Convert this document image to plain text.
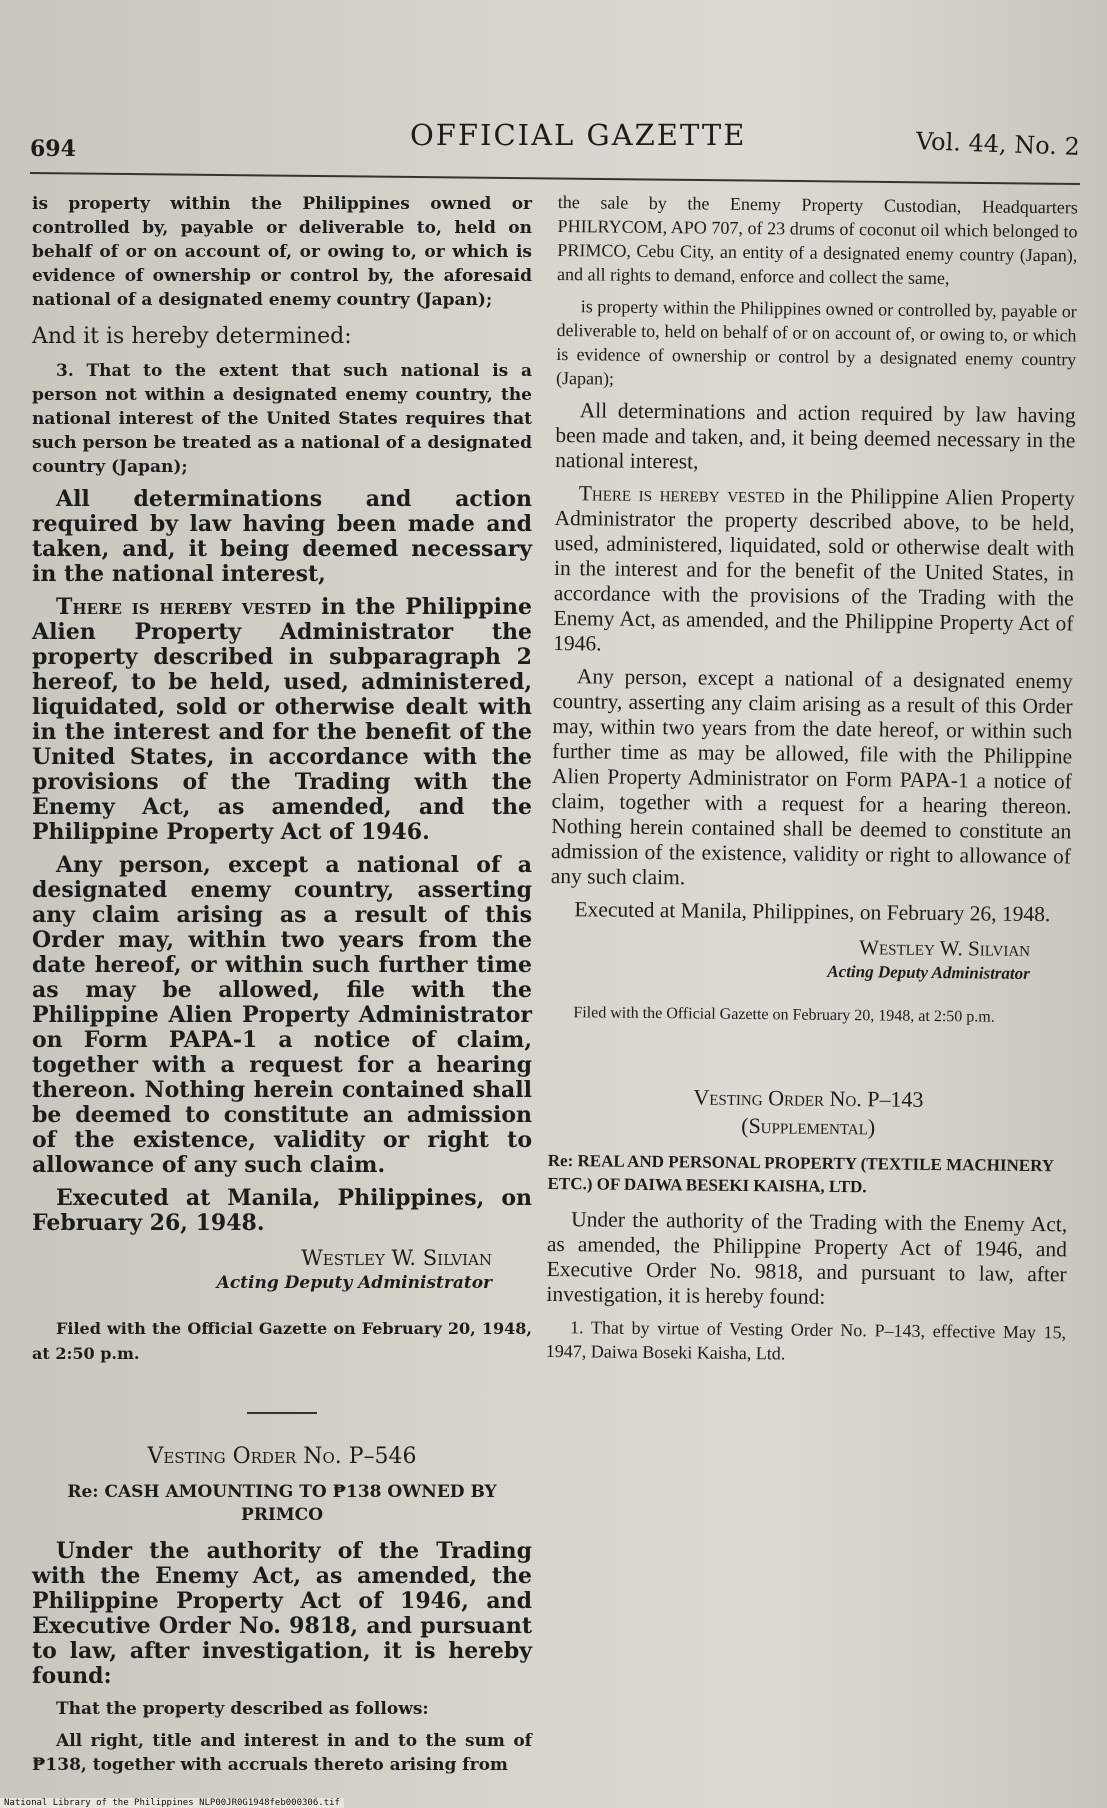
694	OFFICIAL GAZETTE	Vol. 44, No. 2

is property within the Philippines owned or controlled by, payable or deliverable to, held on behalf of or on account of, or owing to, or which is evidence of ownership or control by, the aforesaid national of a designated enemy country (Japan);

And it is hereby determined:

3. That to the extent that such national is a person not within a designated enemy country, the national interest of the United States requires that such person be treated as a national of a designated country (Japan);

All determinations and action required by law having been made and taken, and, it being deemed necessary in the national interest,

There is hereby vested in the Philippine Alien Property Administrator the property described in subparagraph 2 hereof, to be held, used, administered, liquidated, sold or otherwise dealt with in the interest and for the benefit of the United States, in accordance with the provisions of the Trading with the Enemy Act, as amended, and the Philippine Property Act of 1946.

Any person, except a national of a designated enemy country, asserting any claim arising as a result of this Order may, within two years from the date hereof, or within such further time as may be allowed, file with the Philippine Alien Property Administrator on Form PAPA-1 a notice of claim, together with a request for a hearing thereon. Nothing herein contained shall be deemed to constitute an admission of the existence, validity or right to allowance of any such claim.

Executed at Manila, Philippines, on February 26, 1948.

Westley W. Silvian
Acting Deputy Administrator

Filed with the Official Gazette on February 20, 1948, at 2:50 p.m.

Vesting Order No. P–546
Re: CASH AMOUNTING TO ₱138 OWNED BY PRIMCO

Under the authority of the Trading with the Enemy Act, as amended, the Philippine Property Act of 1946, and Executive Order No. 9818, and pursuant to law, after investigation, it is hereby found:

That the property described as follows:

All right, title and interest in and to the sum of ₱138, together with accruals thereto arising from

the sale by the Enemy Property Custodian, Headquarters PHILRYCOM, APO 707, of 23 drums of coconut oil which belonged to PRIMCO, Cebu City, an entity of a designated enemy country (Japan), and all rights to demand, enforce and collect the same,

is property within the Philippines owned or controlled by, payable or deliverable to, held on behalf of or on account of, or owing to, or which is evidence of ownership or control by a designated enemy country (Japan);

All determinations and action required by law having been made and taken, and, it being deemed necessary in the national interest,

There is hereby vested in the Philippine Alien Property Administrator the property described above, to be held, used, administered, liquidated, sold or otherwise dealt with in the interest and for the benefit of the United States, in accordance with the provisions of the Trading with the Enemy Act, as amended, and the Philippine Property Act of 1946.

Any person, except a national of a designated enemy country, asserting any claim arising as a result of this Order may, within two years from the date hereof, or within such further time as may be allowed, file with the Philippine Alien Property Administrator on Form PAPA-1 a notice of claim, together with a request for a hearing thereon. Nothing herein contained shall be deemed to constitute an admission of the existence, validity or right to allowance of any such claim.

Executed at Manila, Philippines, on February 26, 1948.

Westley W. Silvian
Acting Deputy Administrator

Filed with the Official Gazette on February 20, 1948, at 2:50 p.m.

Vesting Order No. P–143
(Supplemental)
Re: REAL AND PERSONAL PROPERTY (TEXTILE MACHINERY ETC.) OF DAIWA BESEKI KAISHA, LTD.

Under the authority of the Trading with the Enemy Act, as amended, the Philippine Property Act of 1946, and Executive Order No. 9818, and pursuant to law, after investigation, it is hereby found:

1. That by virtue of Vesting Order No. P–143, effective May 15, 1947, Daiwa Boseki Kaisha, Ltd.

National Library of the Philippines NLP00JR0G1948feb000306.tif
